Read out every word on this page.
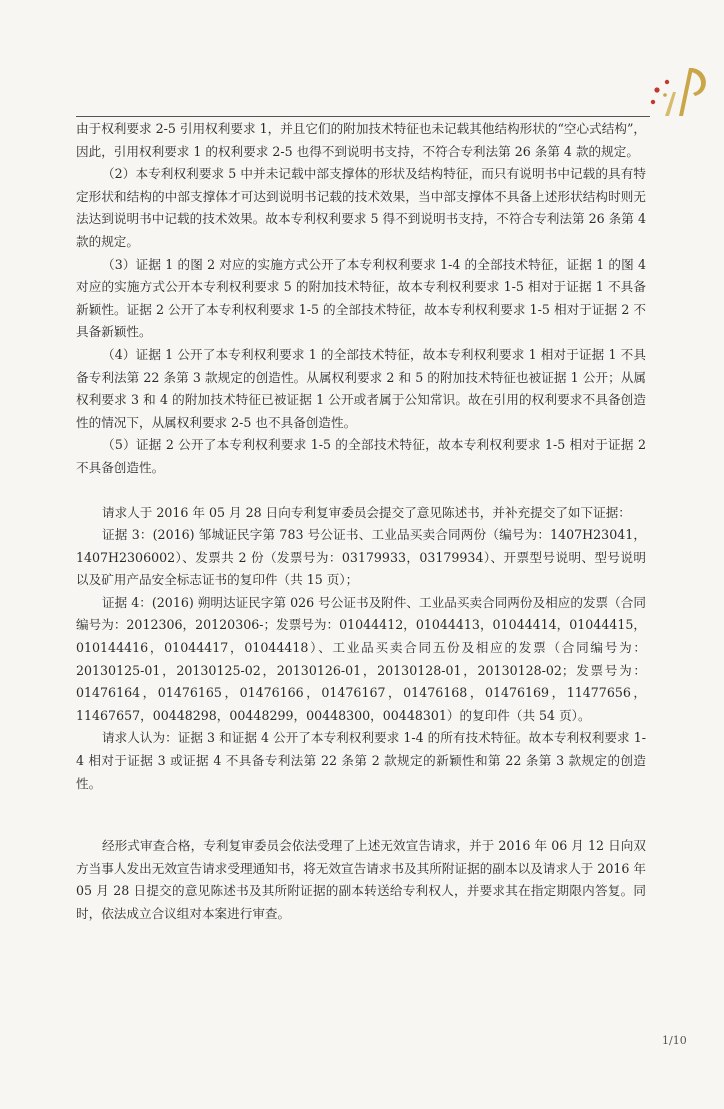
由于权利要求 2-5 引用权利要求 1，并且它们的附加技术特征也未记载其他结构形状的“空心式结构”，因此，引用权利要求 1 的权利要求 2-5 也得不到说明书支持，不符合专利法第 26 条第 4 款的规定。

（2）本专利权利要求 5 中并未记载中部支撑体的形状及结构特征，而只有说明书中记载的具有特定形状和结构的中部支撑体才可达到说明书记载的技术效果，当中部支撑体不具备上述形状结构时则无法达到说明书中记载的技术效果。故本专利权利要求 5 得不到说明书支持，不符合专利法第 26 条第 4 款的规定。

（3）证据 1 的图 2 对应的实施方式公开了本专利权利要求 1-4 的全部技术特征，证据 1 的图 4 对应的实施方式公开本专利权利要求 5 的附加技术特征，故本专利权利要求 1-5 相对于证据 1 不具备新颖性。证据 2 公开了本专利权利要求 1-5 的全部技术特征，故本专利权利要求 1-5 相对于证据 2 不具备新颖性。

（4）证据 1 公开了本专利权利要求 1 的全部技术特征，故本专利权利要求 1 相对于证据 1 不具备专利法第 22 条第 3 款规定的创造性。从属权利要求 2 和 5 的附加技术特征也被证据 1 公开；从属权利要求 3 和 4 的附加技术特征已被证据 1 公开或者属于公知常识。故在引用的权利要求不具备创造性的情况下，从属权利要求 2-5 也不具备创造性。

（5）证据 2 公开了本专利权利要求 1-5 的全部技术特征，故本专利权利要求 1-5 相对于证据 2 不具备创造性。

请求人于 2016 年 05 月 28 日向专利复审委员会提交了意见陈述书，并补充提交了如下证据：

证据 3：(2016) 邹城证民字第 783 号公证书、工业品买卖合同两份（编号为：1407H23041，1407H2306002）、发票共 2 份（发票号为：03179933，03179934）、开票型号说明、型号说明以及矿用产品安全标志证书的复印件（共 15 页）；

证据 4：(2016) 朔明达证民字第 026 号公证书及附件、工业品买卖合同两份及相应的发票（合同编号为：2012306，20120306-；发票号为：01044412，01044413，01044414，01044415，010144416，01044417，01044418）、工业品买卖合同五份及相应的发票（合同编号为： 20130125-01，20130125-02，20130126-01，20130128-01，20130128-02；发票号为：01476164，01476165，01476166，01476167，01476168，01476169，11477656，11467657，00448298，00448299，00448300，00448301）的复印件（共 54 页）。

请求人认为：证据 3 和证据 4 公开了本专利权利要求 1-4 的所有技术特征。故本专利权利要求 1-4 相对于证据 3 或证据 4 不具备专利法第 22 条第 2 款规定的新颖性和第 22 条第 3 款规定的创造性。

经形式审查合格，专利复审委员会依法受理了上述无效宣告请求，并于 2016 年 06 月 12 日向双方当事人发出无效宣告请求受理通知书，将无效宣告请求书及其所附证据的副本以及请求人于 2016 年 05 月 28 日提交的意见陈述书及其所附证据的副本转送给专利权人，并要求其在指定期限内答复。同时，依法成立合议组对本案进行审查。

1/10
